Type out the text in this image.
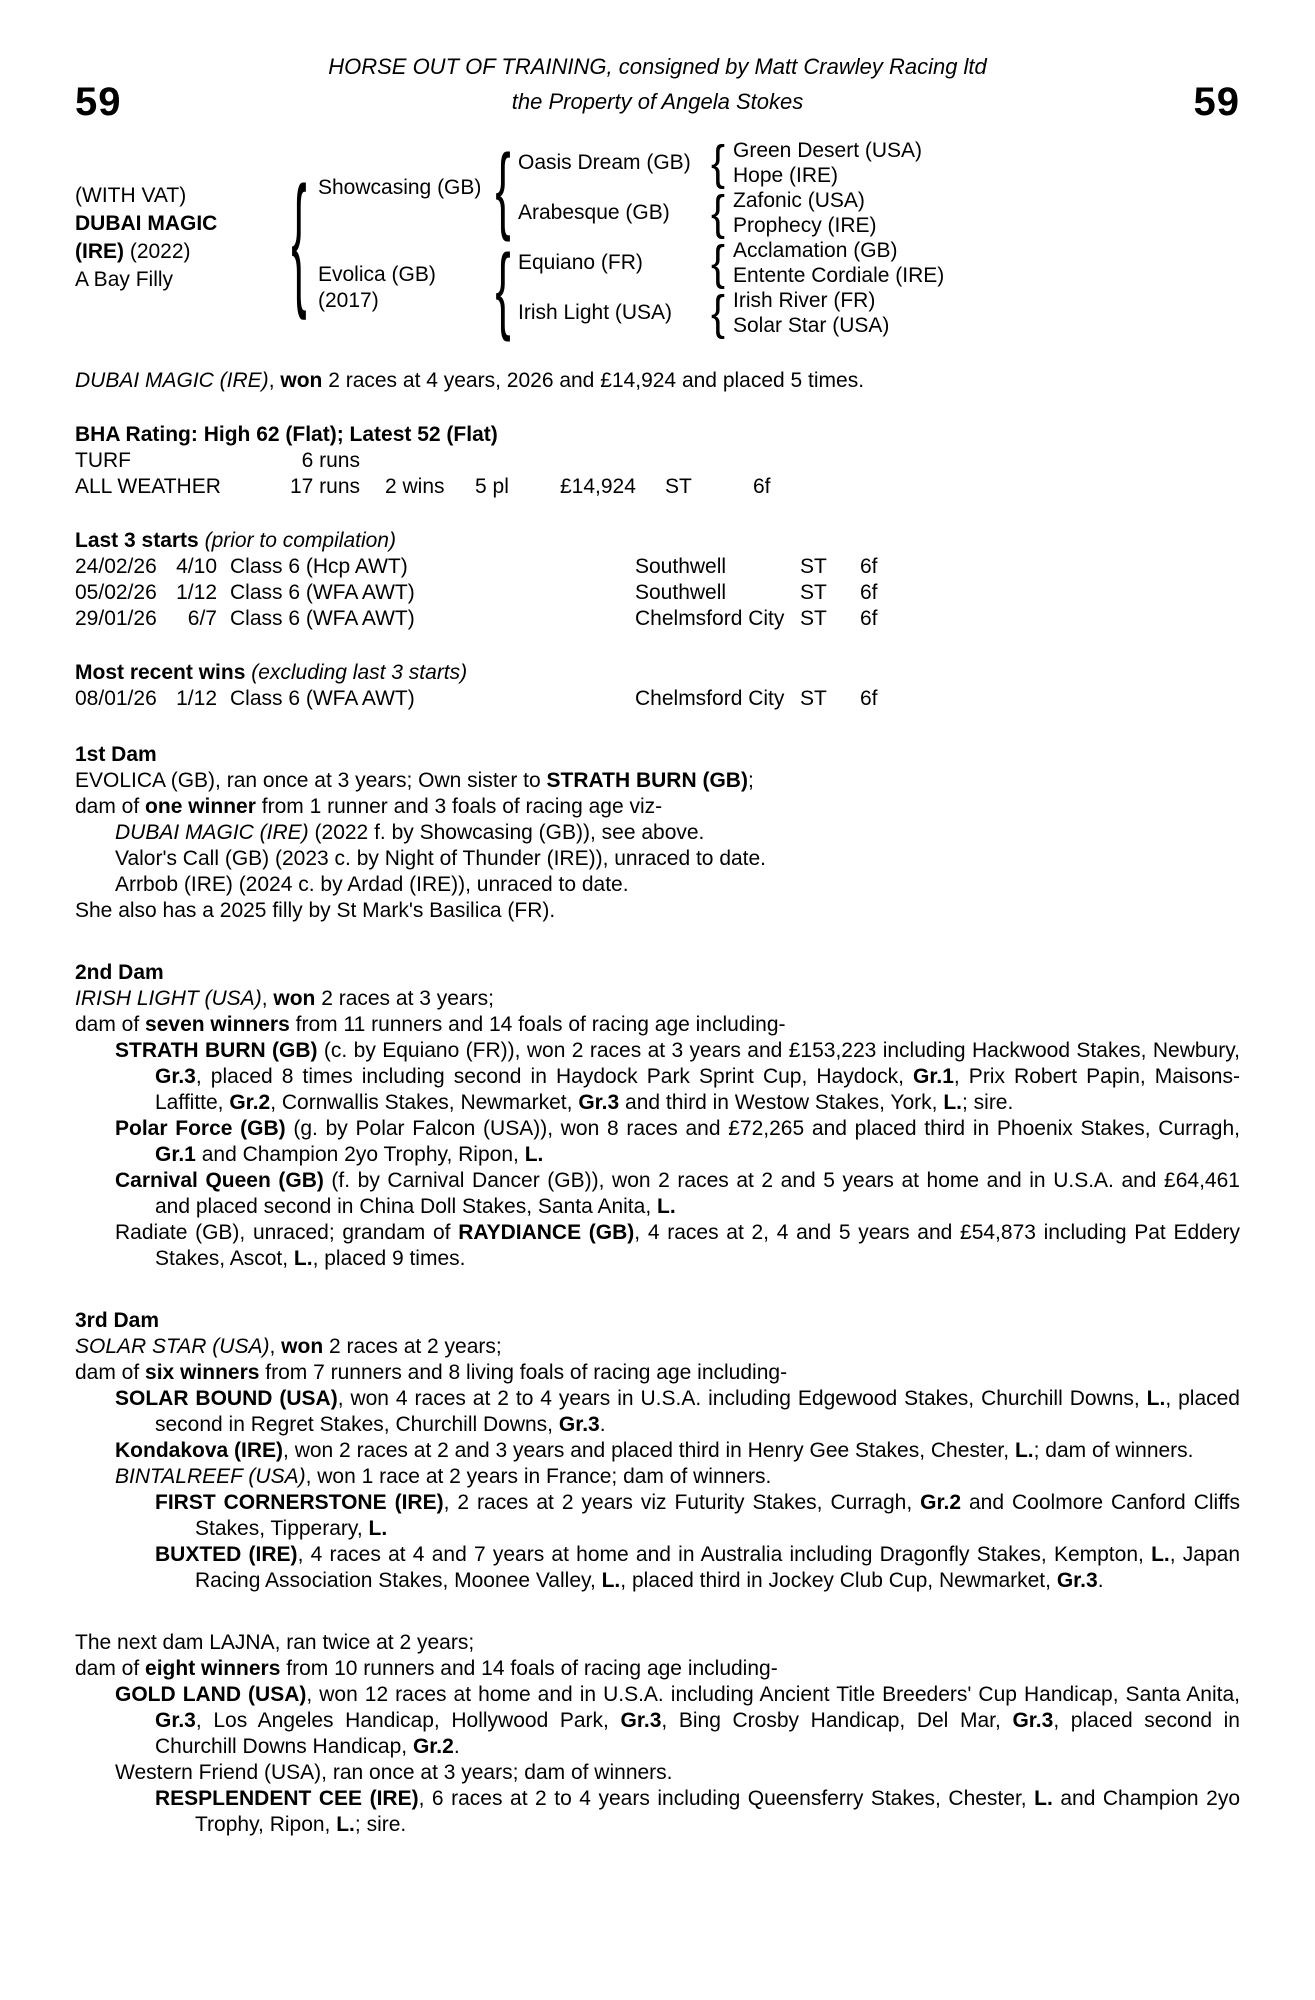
HORSE OUT OF TRAINING, consigned by Matt Crawley Racing ltd
59	the Property of Angela Stokes	59
(WITH VAT)
DUBAI MAGIC
(IRE) (2022)
A Bay Filly
{
Showcasing (GB)
Evolica (GB)
(2017)
{
{
Oasis Dream (GB)
Arabesque (GB)
Equiano (FR)
Irish Light (USA)
{
{
{
{
Green Desert (USA)
Hope (IRE)
Zafonic (USA)
Prophecy (IRE)
Acclamation (GB)
Entente Cordiale (IRE)
Irish River (FR)
Solar Star (USA)

DUBAI MAGIC (IRE), won 2 races at 4 years, 2026 and £14,924 and placed 5 times.

BHA Rating: High 62 (Flat); Latest 52 (Flat)
TURF	6 runs
ALL WEATHER	17 runs	2 wins	5 pl	£14,924	ST	6f
Last 3 starts (prior to compilation)
24/02/26 4/10 Class 6 (Hcp AWT)	Southwell	ST	6f
05/02/26 1/12 Class 6 (WFA AWT)	Southwell	ST	6f
29/01/26	6/7 Class 6 (WFA AWT)	Chelmsford City ST	6f
Most recent wins (excluding last 3 starts)
08/01/26 1/12 Class 6 (WFA AWT)	Chelmsford City ST	6f
1st Dam
EVOLICA (GB), ran once at 3 years; Own sister to STRATH BURN (GB);
dam of one winner from 1 runner and 3 foals of racing age viz-
DUBAI MAGIC (IRE) (2022 f. by Showcasing (GB)), see above.
Valor's Call (GB) (2023 c. by Night of Thunder (IRE)), unraced to date.
Arrbob (IRE) (2024 c. by Ardad (IRE)), unraced to date.
She also has a 2025 filly by St Mark's Basilica (FR).
2nd Dam
IRISH LIGHT (USA), won 2 races at 3 years;
dam of seven winners from 11 runners and 14 foals of racing age including-
STRATH BURN (GB) (c. by Equiano (FR)), won 2 races at 3 years and £153,223 including Hackwood Stakes, Newbury, Gr.3, placed 8 times including second in Haydock Park Sprint Cup, Haydock, Gr.1, Prix Robert Papin, Maisons-Laffitte, Gr.2, Cornwallis Stakes, Newmarket, Gr.3 and third in Westow Stakes, York, L.; sire.
Polar Force (GB) (g. by Polar Falcon (USA)), won 8 races and £72,265 and placed third in Phoenix Stakes, Curragh, Gr.1 and Champion 2yo Trophy, Ripon, L.
Carnival Queen (GB) (f. by Carnival Dancer (GB)), won 2 races at 2 and 5 years at home and in U.S.A. and £64,461 and placed second in China Doll Stakes, Santa Anita, L.
Radiate (GB), unraced; grandam of RAYDIANCE (GB), 4 races at 2, 4 and 5 years and £54,873 including Pat Eddery Stakes, Ascot, L., placed 9 times.
3rd Dam
SOLAR STAR (USA), won 2 races at 2 years;
dam of six winners from 7 runners and 8 living foals of racing age including-
SOLAR BOUND (USA), won 4 races at 2 to 4 years in U.S.A. including Edgewood Stakes, Churchill Downs, L., placed second in Regret Stakes, Churchill Downs, Gr.3.
Kondakova (IRE), won 2 races at 2 and 3 years and placed third in Henry Gee Stakes, Chester, L.; dam of winners.
BINTALREEF (USA), won 1 race at 2 years in France; dam of winners.
FIRST CORNERSTONE (IRE), 2 races at 2 years viz Futurity Stakes, Curragh, Gr.2 and Coolmore Canford Cliffs Stakes, Tipperary, L.
BUXTED (IRE), 4 races at 4 and 7 years at home and in Australia including Dragonfly Stakes, Kempton, L., Japan Racing Association Stakes, Moonee Valley, L., placed third in Jockey Club Cup, Newmarket, Gr.3.
The next dam LAJNA, ran twice at 2 years;
dam of eight winners from 10 runners and 14 foals of racing age including-
GOLD LAND (USA), won 12 races at home and in U.S.A. including Ancient Title Breeders' Cup Handicap, Santa Anita, Gr.3, Los Angeles Handicap, Hollywood Park, Gr.3, Bing Crosby Handicap, Del Mar, Gr.3, placed second in Churchill Downs Handicap, Gr.2.
Western Friend (USA), ran once at 3 years; dam of winners.
RESPLENDENT CEE (IRE), 6 races at 2 to 4 years including Queensferry Stakes, Chester, L. and Champion 2yo Trophy, Ripon, L.; sire.
